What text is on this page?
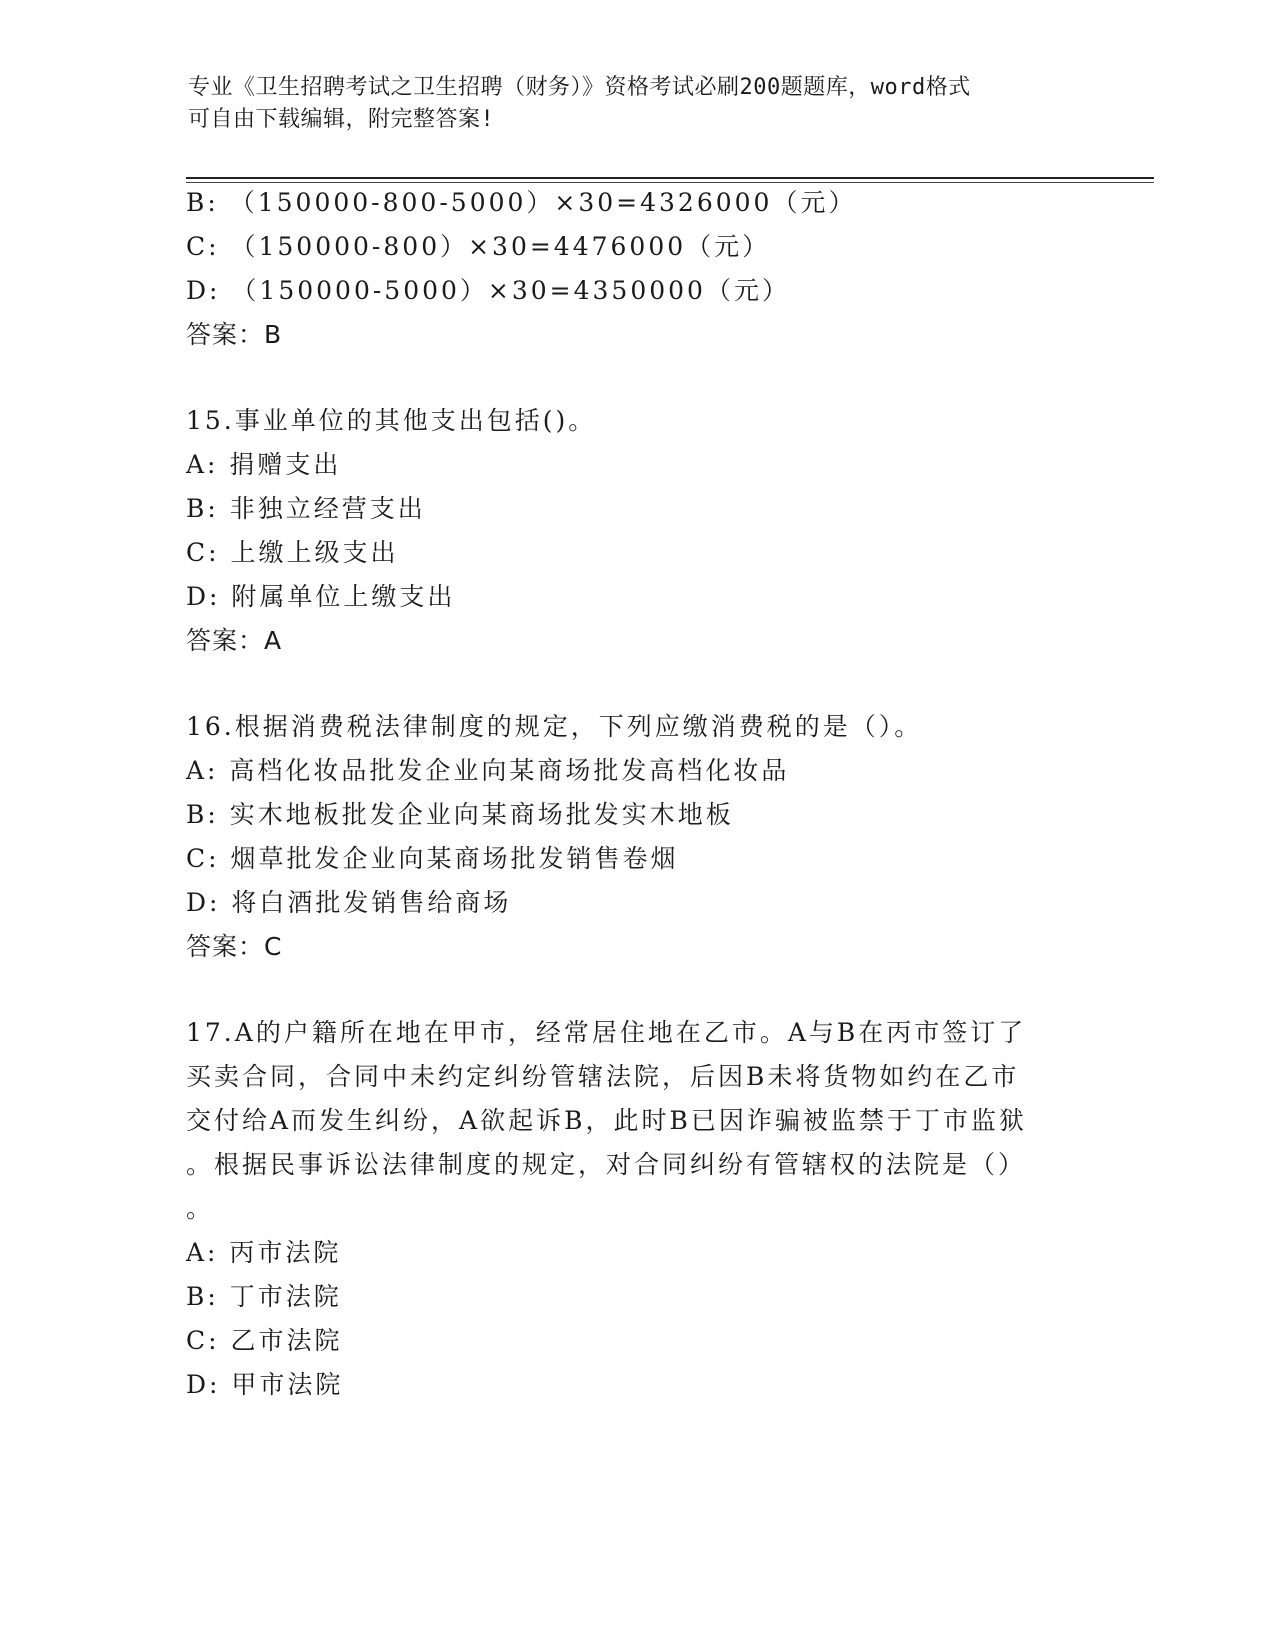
专业《卫生招聘考试之卫生招聘（财务）》资格考试必刷200题题库，word格式
可自由下载编辑，附完整答案!
B: （150000-800-5000）×30=4326000（元）
C: （150000-800）×30=4476000（元）
D: （150000-5000）×30=4350000（元）
答案：B
15.事业单位的其他支出包括()。
A: 捐赠支出
B: 非独立经营支出
C: 上缴上级支出
D: 附属单位上缴支出
答案：A
16.根据消费税法律制度的规定，下列应缴消费税的是（）。
A: 高档化妆品批发企业向某商场批发高档化妆品
B: 实木地板批发企业向某商场批发实木地板
C: 烟草批发企业向某商场批发销售卷烟
D: 将白酒批发销售给商场
答案：C
17.A的户籍所在地在甲市，经常居住地在乙市。A与B在丙市签订了
买卖合同，合同中未约定纠纷管辖法院，后因B未将货物如约在乙市
交付给A而发生纠纷，A欲起诉B，此时B已因诈骗被监禁于丁市监狱
。根据民事诉讼法律制度的规定，对合同纠纷有管辖权的法院是（）
。
A: 丙市法院
B: 丁市法院
C: 乙市法院
D: 甲市法院
